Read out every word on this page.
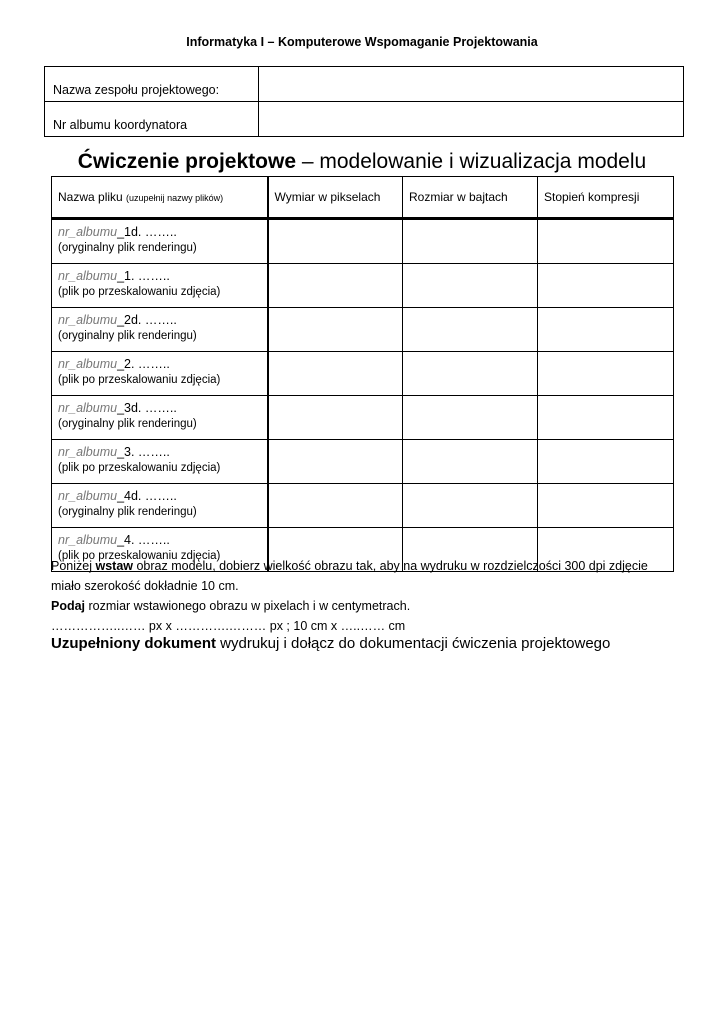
Informatyka I – Komputerowe Wspomaganie Projektowania
Nazwa zespołu projektowego:	
Nr albumu koordynatora	
Ćwiczenie projektowe – modelowanie i wizualizacja modelu
Nazwa pliku (uzupełnij nazwy plików)	Wymiar w pikselach	Rozmiar w bajtach	Stopień kompresji

nr_albumu_1d. ……..
(oryginalny plik renderingu)			

nr_albumu_1. ……..
(plik po przeskalowaniu zdjęcia)			

nr_albumu_2d. ……..
(oryginalny plik renderingu)			

nr_albumu_2. ……..
(plik po przeskalowaniu zdjęcia)			

nr_albumu_3d. ……..
(oryginalny plik renderingu)			

nr_albumu_3. ……..
(plik po przeskalowaniu zdjęcia)			

nr_albumu_4d. ……..
(oryginalny plik renderingu)			

nr_albumu_4. ……..
(plik po przeskalowaniu zdjęcia)			

Poniżej wstaw obraz modelu, dobierz wielkość obrazu tak, aby na wydruku w rozdzielczości 300 dpi zdjęcie miało szerokość dokładnie 10 cm.

Podaj rozmiar wstawionego obrazu w pixelach i w centymetrach.

……………..…… px x ………….……… px ; 10 cm x …..…… cm

Uzupełniony dokument wydrukuj i dołącz do dokumentacji ćwiczenia projektowego
